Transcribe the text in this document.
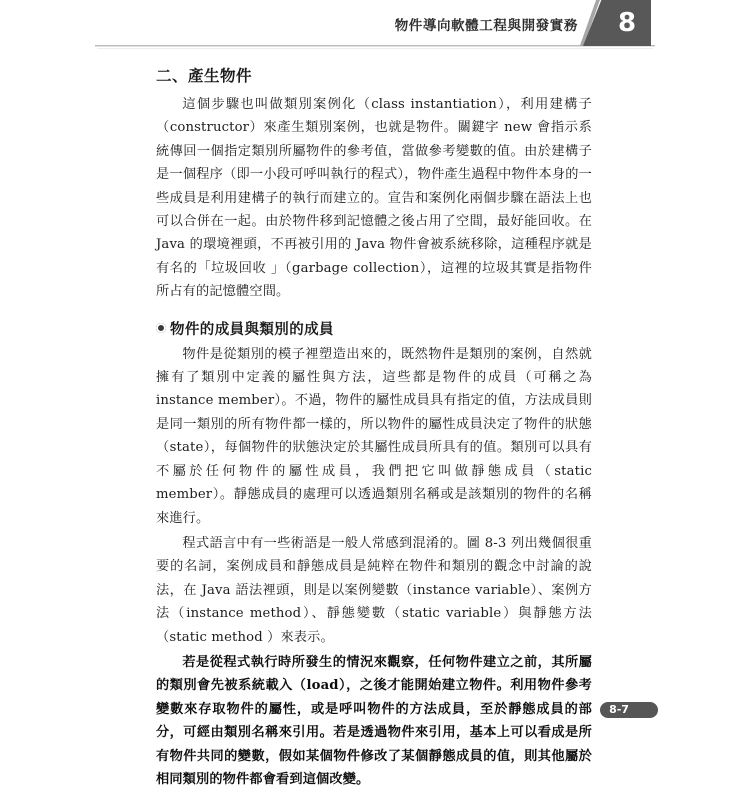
物件導向軟體工程與開發實務 8
二、產生物件

這個步驟也叫做類別案例化（class instantiation），利用建構子（constructor）來產生類別案例，也就是物件。關鍵字 new 會指示系統傳回一個指定類別所屬物件的參考值，當做參考變數的值。由於建構子是一個程序（即一小段可呼叫執行的程式），物件產生過程中物件本身的一些成員是利用建構子的執行而建立的。宣告和案例化兩個步驟在語法上也可以合併在一起。由於物件移到記憶體之後占用了空間，最好能回收。在 Java 的環境裡頭，不再被引用的 Java 物件會被系統移除，這種程序就是有名的「垃圾回收 」（garbage collection），這裡的垃圾其實是指物件所占有的記憶體空間。

物件的成員與類別的成員

物件是從類別的模子裡塑造出來的，既然物件是類別的案例，自然就擁有了類別中定義的屬性與方法，這些都是物件的成員（可稱之為 instance member）。不過，物件的屬性成員具有指定的值，方法成員則是同一類別的所有物件都一樣的，所以物件的屬性成員決定了物件的狀態（state），每個物件的狀態決定於其屬性成員所具有的值。類別可以具有不屬於任何物件的屬性成員，我們把它叫做靜態成員（static member）。靜態成員的處理可以透過類別名稱或是該類別的物件的名稱來進行。

程式語言中有一些術語是一般人常感到混淆的。圖 8-3 列出幾個很重要的名詞，案例成員和靜態成員是純粹在物件和類別的觀念中討論的說法，在 Java 語法裡頭，則是以案例變數（instance variable）、案例方法（instance method）、靜態變數（static variable）與靜態方法（static method ）來表示。

若是從程式執行時所發生的情況來觀察，任何物件建立之前，其所屬的類別會先被系統載入（load），之後才能開始建立物件。利用物件參考變數來存取物件的屬性，或是呼叫物件的方法成員，至於靜態成員的部分，可經由類別名稱來引用。若是透過物件來引用，基本上可以看成是所有物件共同的變數，假如某個物件修改了某個靜態成員的值，則其他屬於相同類別的物件都會看到這個改變。

8-7
